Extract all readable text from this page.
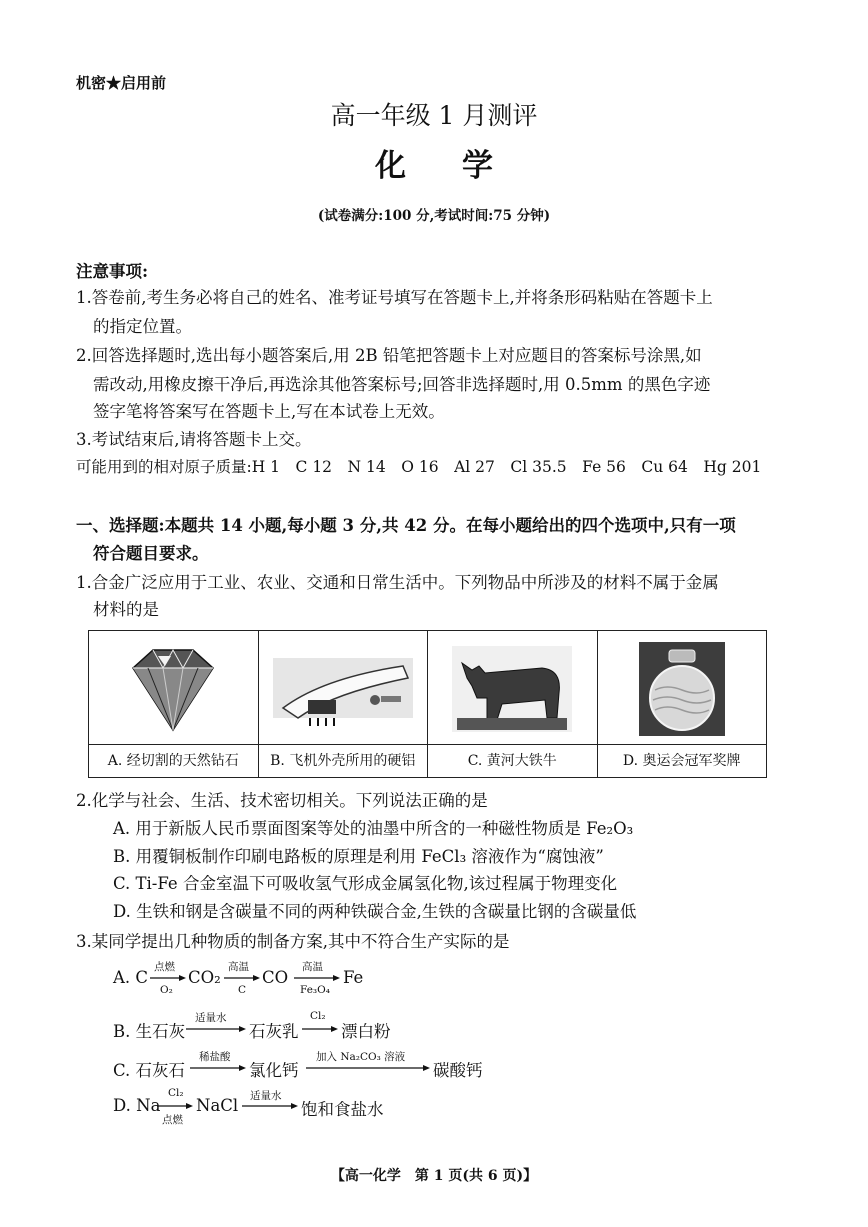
机密★启用前
高一年级 1 月测评
化学
(试卷满分:100 分,考试时间:75 分钟)
注意事项:
1.答卷前,考生务必将自己的姓名、准考证号填写在答题卡上,并将条形码粘贴在答题卡上
的指定位置。
2.回答选择题时,选出每小题答案后,用 2B 铅笔把答题卡上对应题目的答案标号涂黑,如
需改动,用橡皮擦干净后,再选涂其他答案标号;回答非选择题时,用 0.5mm 的黑色字迹
签字笔将答案写在答题卡上,写在本试卷上无效。
3.考试结束后,请将答题卡上交。
可能用到的相对原子质量:H 1　C 12　N 14　O 16　Al 27　Cl 35.5　Fe 56　Cu 64　Hg 201
一、选择题:本题共 14 小题,每小题 3 分,共 42 分。在每小题给出的四个选项中,只有一项
符合题目要求。
1.合金广泛应用于工业、农业、交通和日常生活中。下列物品中所涉及的材料不属于金属
材料的是
A. 经切割的天然钻石	B. 飞机外壳所用的硬铝	C. 黄河大铁牛	D. 奥运会冠军奖牌
2.化学与社会、生活、技术密切相关。下列说法正确的是
A. 用于新版人民币票面图案等处的油墨中所含的一种磁性物质是 Fe₂O₃
B. 用覆铜板制作印刷电路板的原理是利用 FeCl₃ 溶液作为“腐蚀液”
C. Ti-Fe 合金室温下可吸收氢气形成金属氢化物,该过程属于物理变化
D. 生铁和钢是含碳量不同的两种铁碳合金,生铁的含碳量比钢的含碳量低
3.某同学提出几种物质的制备方案,其中不符合生产实际的是
A. C
点燃
O₂
CO₂
高温
C
CO
高温
Fe₃O₄
Fe
B. 生石灰
适量水
→ 石灰乳
Cl₂
→ 漂白粉
C. 石灰石
稀盐酸
→ 氯化钙
加入 Na₂CO₃ 溶液
碳酸钙
D. Na
Cl₂
点燃
NaCl 适量水
→ 饱和食盐水
【高一化学　第 1 页(共 6 页)】
